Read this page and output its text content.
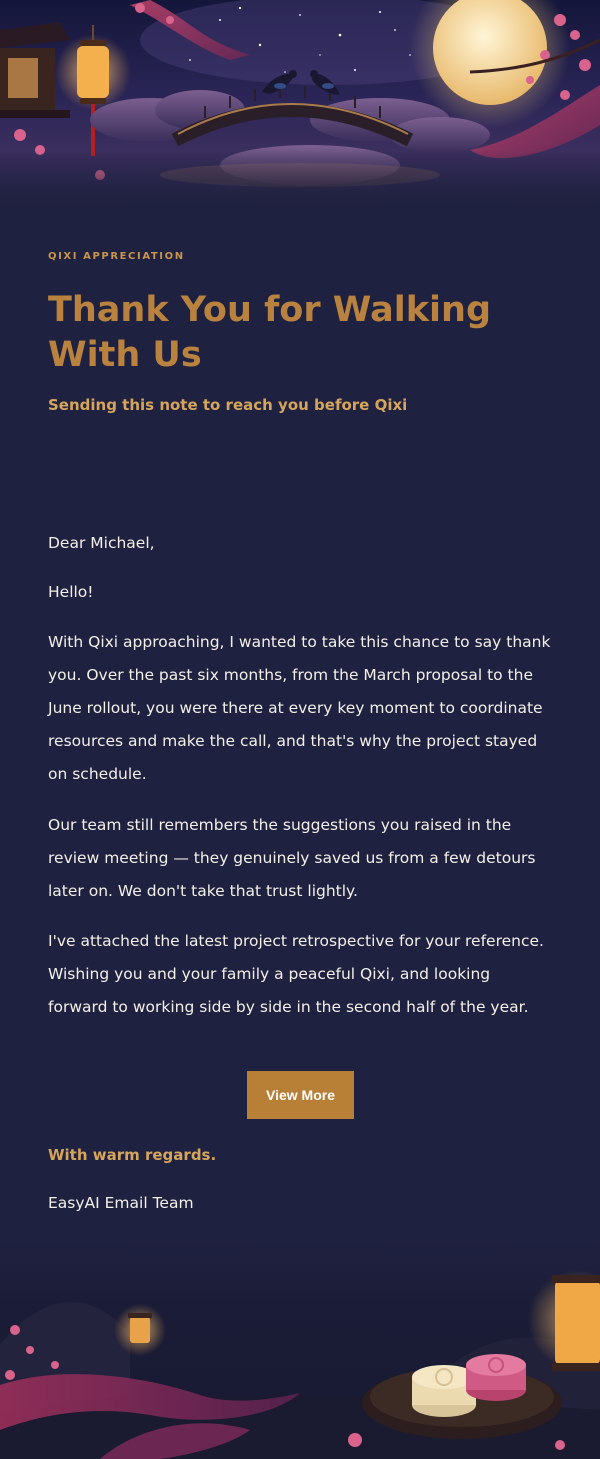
QIXI APPRECIATION
Thank You for Walking With Us
Sending this note to reach you before Qixi

Dear Michael,

Hello!

With Qixi approaching, I wanted to take this chance to say thank you. Over the past six months, from the March proposal to the June rollout, you were there at every key moment to coordinate resources and make the call, and that's why the project stayed on schedule.

Our team still remembers the suggestions you raised in the review meeting — they genuinely saved us from a few detours later on. We don't take that trust lightly.

I've attached the latest project retrospective for your reference. Wishing you and your family a peaceful Qixi, and looking forward to working side by side in the second half of the year.

View More
With warm regards.
EasyAI Email Team
